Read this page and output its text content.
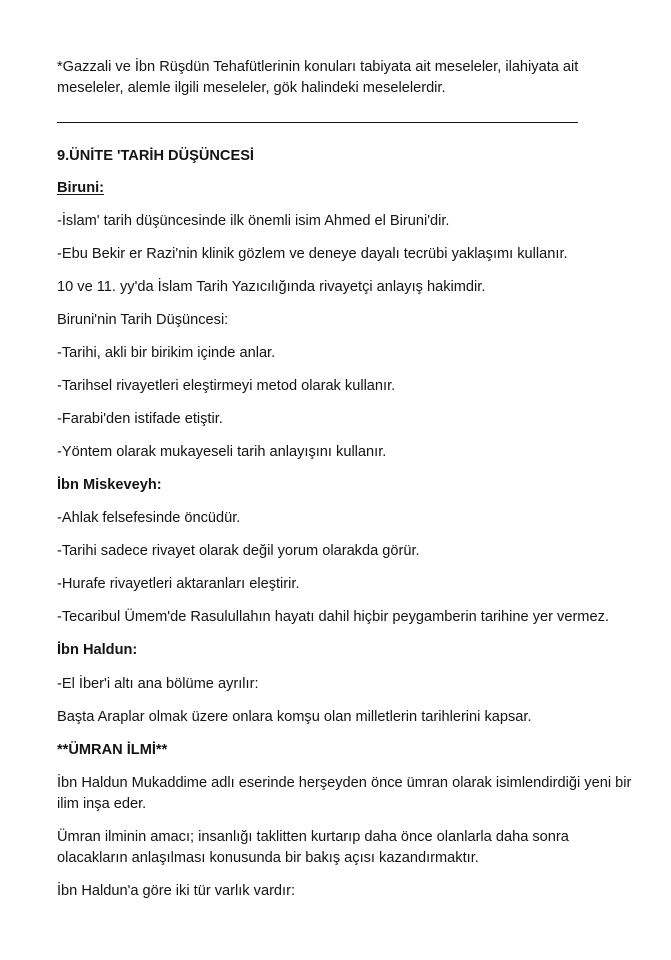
*Gazzali ve İbn Rüşdün Tehafütlerinin konuları tabiyata ait meseleler, ilahiyata ait
meseleler, alemle ilgili meseleler, gök halindeki meselelerdir.
9.ÜNİTE 'TARİH DÜŞÜNCESİ
Biruni:
-İslam' tarih düşüncesinde ilk önemli isim Ahmed el Biruni'dir.
-Ebu Bekir er Razi'nin klinik gözlem ve deneye dayalı tecrübi yaklaşımı kullanır.
10 ve 11. yy'da İslam Tarih Yazıcılığında rivayetçi anlayış hakimdir.
Biruni'nin Tarih Düşüncesi:
-Tarihi, akli bir birikim içinde anlar.
-Tarihsel rivayetleri eleştirmeyi metod olarak kullanır.
-Farabi'den istifade etiştir.
-Yöntem olarak mukayeseli tarih anlayışını kullanır.
İbn Miskeveyh:
-Ahlak felsefesinde öncüdür.
-Tarihi sadece rivayet olarak değil yorum olarakda görür.
-Hurafe rivayetleri aktaranları eleştirir.
-Tecaribul Ümem'de Rasulullahın hayatı dahil hiçbir peygamberin tarihine yer vermez.
İbn Haldun:
-El İber'i altı ana bölüme ayrılır:
Başta Araplar olmak üzere onlara komşu olan milletlerin tarihlerini kapsar.
**ÜMRAN İLMİ**
İbn Haldun Mukaddime adlı eserinde herşeyden önce ümran olarak isimlendirdiği yeni bir
ilim inşa eder.
Ümran ilminin amacı; insanlığı taklitten kurtarıp daha önce olanlarla daha sonra
olacakların anlaşılması konusunda bir bakış açısı kazandırmaktır.
İbn Haldun'a göre iki tür varlık vardır:
